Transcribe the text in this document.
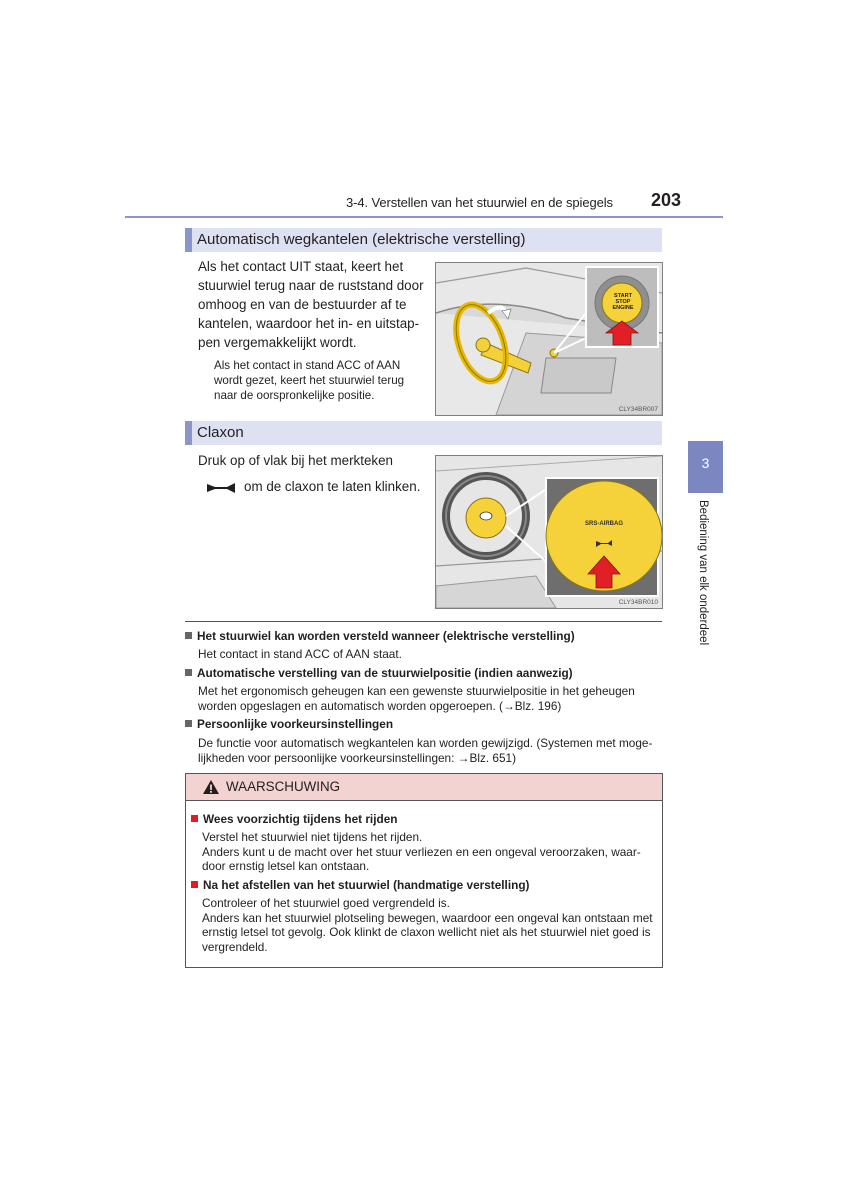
3-4. Verstellen van het stuurwiel en de spiegels 203
Automatisch wegkantelen (elektrische verstelling)
Als het contact UIT staat, keert het
stuurwiel terug naar de ruststand door
omhoog en van de bestuurder af te
kantelen, waardoor het in- en uitstap-
pen vergemakkelijkt wordt.
Als het contact in stand ACC of AAN
wordt gezet, keert het stuurwiel terug
naar de oorspronkelijke positie.
START
STOP
ENGINE
CLY34BR007
Claxon
Druk op of vlak bij het merkteken
om de claxon te laten klinken.
SRS-AIRBAG
CLY34BR010
3
Bediening van elk onderdeel
Het stuurwiel kan worden versteld wanneer (elektrische verstelling)
Het contact in stand ACC of AAN staat.
Automatische verstelling van de stuurwielpositie (indien aanwezig)
Met het ergonomisch geheugen kan een gewenste stuurwielpositie in het geheugen
worden opgeslagen en automatisch worden opgeroepen. (→Blz. 196)
Persoonlijke voorkeursinstellingen
De functie voor automatisch wegkantelen kan worden gewijzigd. (Systemen met moge-
lijkheden voor persoonlijke voorkeursinstellingen: →Blz. 651)
WAARSCHUWING
Wees voorzichtig tijdens het rijden
Verstel het stuurwiel niet tijdens het rijden.
Anders kunt u de macht over het stuur verliezen en een ongeval veroorzaken, waar-
door ernstig letsel kan ontstaan.
Na het afstellen van het stuurwiel (handmatige verstelling)
Controleer of het stuurwiel goed vergrendeld is.
Anders kan het stuurwiel plotseling bewegen, waardoor een ongeval kan ontstaan met
ernstig letsel tot gevolg. Ook klinkt de claxon wellicht niet als het stuurwiel niet goed is
vergrendeld.
